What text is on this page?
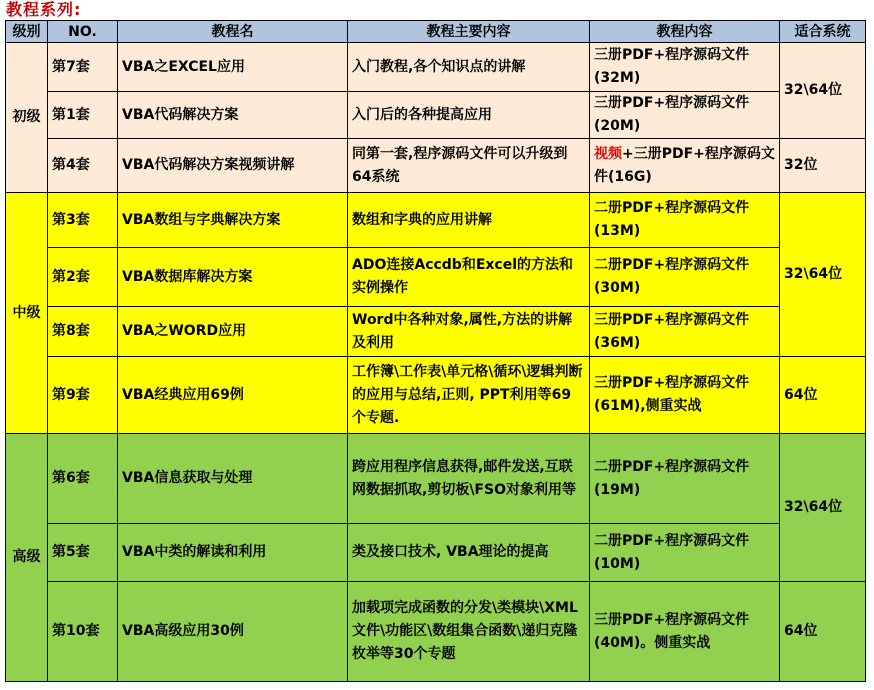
教程系列:
级别	NO.	教程名	教程主要内容	教程内容	适合系统
初级	第7套	VBA之EXCEL应用	入门教程,各个知识点的讲解	三册PDF+程序源码文件(32M)	32\64位
	第1套	VBA代码解决方案	入门后的各种提高应用	三册PDF+程序源码文件 (20M)	
	第4套	VBA代码解决方案视频讲解	同第一套,程序源码文件可以升级到64系统	视频+三册PDF+程序源码文件(16G)	32位
中级	第3套	VBA数组与字典解决方案	数组和字典的应用讲解	二册PDF+程序源码文件(13M)	32\64位
	第2套	VBA数据库解决方案	ADO连接Accdb和Excel的方法和实例操作	二册PDF+程序源码文件(30M)	
	第8套	VBA之WORD应用	Word中各种对象,属性,方法的讲解及利用	三册PDF+程序源码文件(36M)	
	第9套	VBA经典应用69例	工作簿\工作表\单元格\循环\逻辑判断的应用与总结,正则, PPT利用等69个专题.	三册PDF+程序源码文件(61M),侧重实战	64位
高级	第6套	VBA信息获取与处理	跨应用程序信息获得,邮件发送,互联网数据抓取,剪切板\FSO对象利用等	二册PDF+程序源码文件(19M)	32\64位
	第5套	VBA中类的解读和利用	类及接口技术, VBA理论的提高	二册PDF+程序源码文件(10M)	
	第10套	VBA高级应用30例	加载项完成函数的分发\类模块\XML文件\功能区\数组集合函数\递归克隆枚举等30个专题	三册PDF+程序源码文件(40M)。侧重实战	64位
